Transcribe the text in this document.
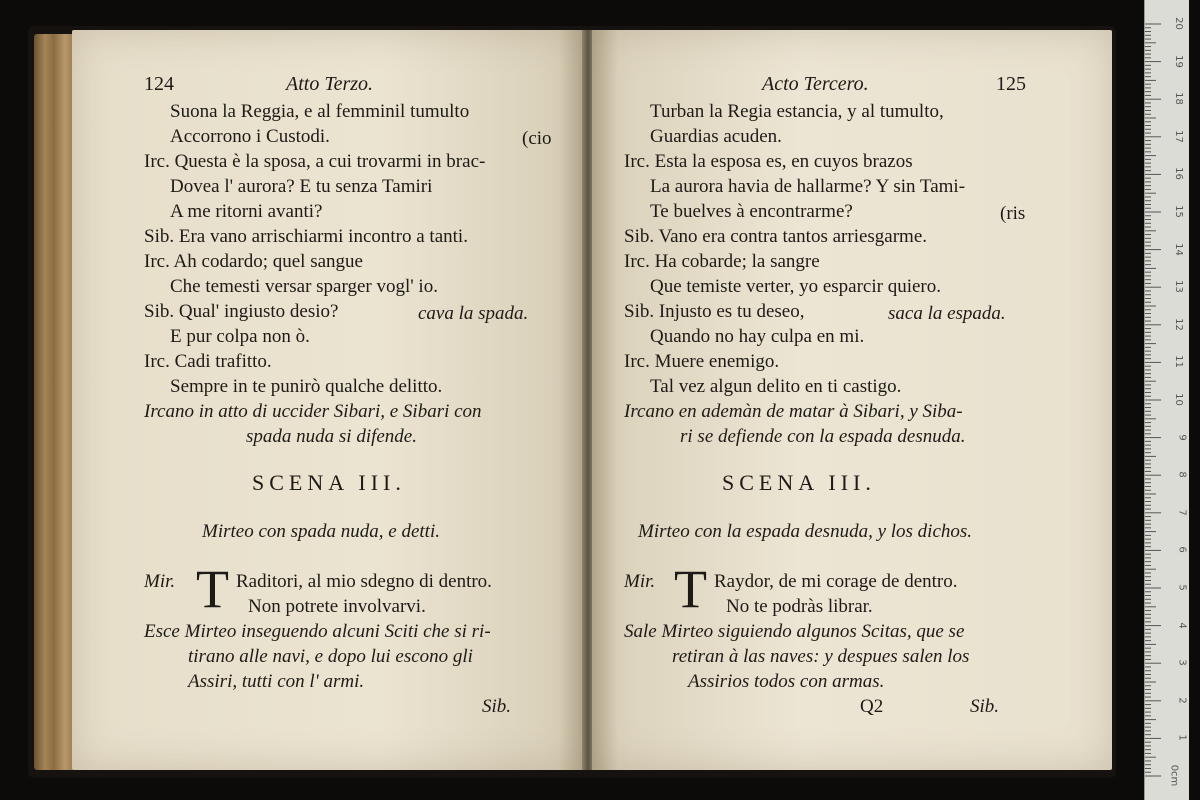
124	Atto Terzo.
Suona la Reggia, e al femminil tumulto
Accorrono i Custodi.	(cio
Irc. Questa è la sposa, a cui trovarmi in brac-
Dovea l' aurora? E tu senza Tamiri
A me ritorni avanti?
Sib. Era vano arrischiarmi incontro a tanti.
Irc. Ah codardo; quel sangue
Che temesti versar sparger vogl' io.
Sib. Qual' ingiusto desio?	cava la spada.
E pur colpa non ò.
Irc. Cadi trafitto.
Sempre in te punirò qualche delitto.
Ircano in atto di uccider Sibari, e Sibari con
spada nuda si difende.
SCENA III.
Mirteo con spada nuda, e detti.
Mir. T Raditori, al mio sdegno di dentro.
Non potrete involvarvi.
Esce Mirteo inseguendo alcuni Sciti che si ri-
tirano alle navi, e dopo lui escono gli
Assiri, tutti con l' armi.
Sib.
Acto Tercero.	125
Turban la Regia estancia, y al tumulto,
Guardias acuden.
Irc. Esta la esposa es, en cuyos brazos
La aurora havia de hallarme? Y sin Tami-
Te buelves à encontrarme?	(ris
Sib. Vano era contra tantos arriesgarme.
Irc. Ha cobarde; la sangre
Que temiste verter, yo esparcir quiero.
Sib. Injusto es tu deseo,	saca la espada.
Quando no hay culpa en mi.
Irc. Muere enemigo.
Tal vez algun delito en ti castigo.
Ircano en ademàn de matar à Sibari, y Siba-
ri se defiende con la espada desnuda.
SCENA III.
Mirteo con la espada desnuda, y los dichos.
Mir. T Raydor, de mi corage de dentro.
No te podràs librar.
Sale Mirteo siguiendo algunos Scitas, que se
retiran à las naves: y despues salen los
Assirios todos con armas.
Q2	Sib.
20
19
18
17
16
15
14
13
12
11
10
9
8
7
6
5
4
3
2
1
0cm
